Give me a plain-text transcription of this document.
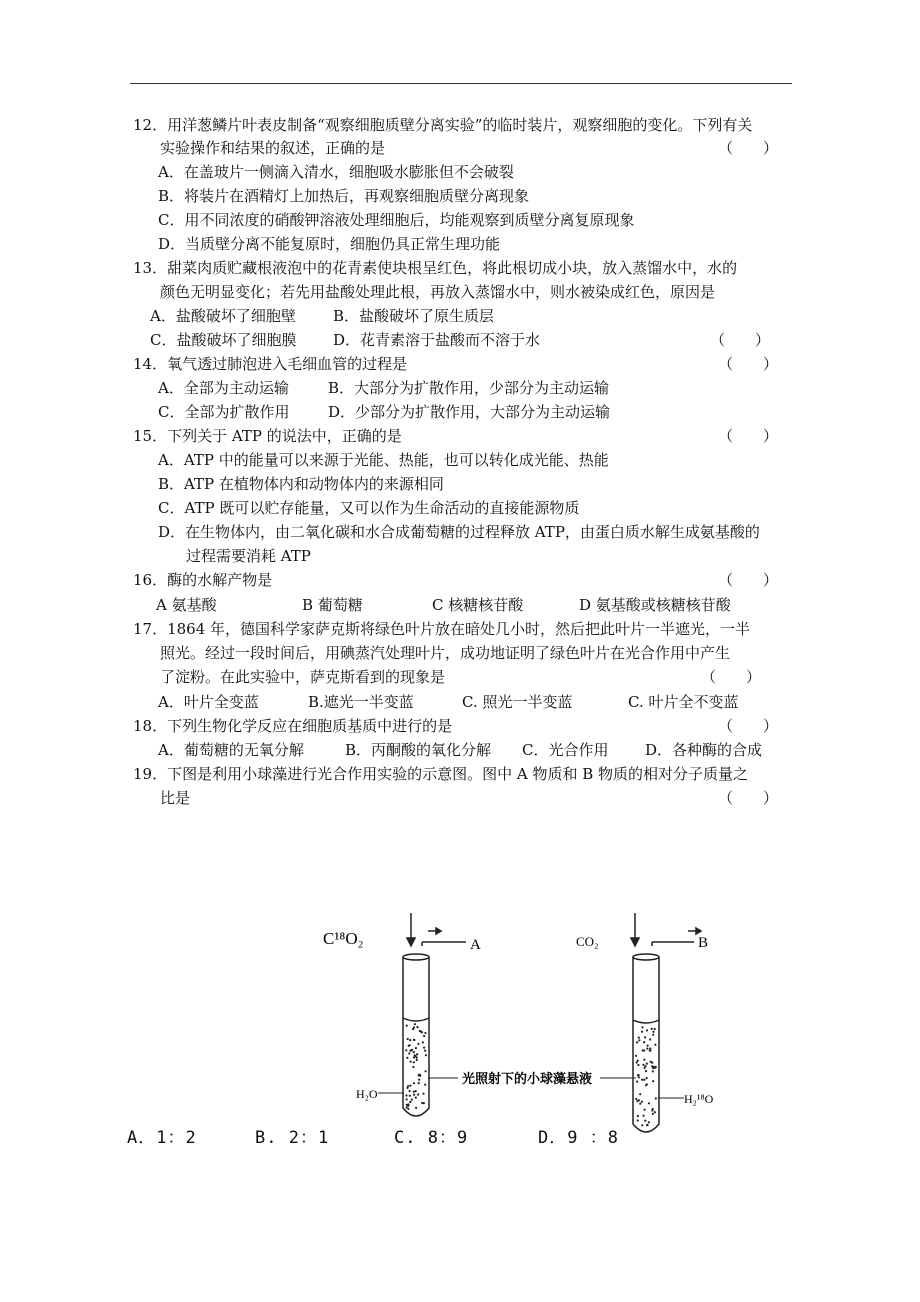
12．用洋葱鳞片叶表皮制备“观察细胞质壁分离实验”的临时装片，观察细胞的变化。下列有关
实验操作和结果的叙述，正确的是	（　　）
A．在盖玻片一侧滴入清水，细胞吸水膨胀但不会破裂
B．将装片在酒精灯上加热后，再观察细胞质壁分离现象
C．用不同浓度的硝酸钾溶液处理细胞后，均能观察到质壁分离复原现象
D．当质壁分离不能复原时，细胞仍具正常生理功能
13．甜菜肉质贮藏根液泡中的花青素使块根呈红色，将此根切成小块，放入蒸馏水中，水的
颜色无明显变化；若先用盐酸处理此根，再放入蒸馏水中，则水被染成红色，原因是
A．盐酸破坏了细胞壁 B．盐酸破坏了原生质层
C．盐酸破坏了细胞膜 D．花青素溶于盐酸而不溶于水	（　　）
14．氧气透过肺泡进入毛细血管的过程是	（　　）
A．全部为主动运输	B．大部分为扩散作用，少部分为主动运输
C．全部为扩散作用	D．少部分为扩散作用，大部分为主动运输
15．下列关于 ATP 的说法中，正确的是	（　　）
A．ATP 中的能量可以来源于光能、热能，也可以转化成光能、热能
B．ATP 在植物体内和动物体内的来源相同
C．ATP 既可以贮存能量，又可以作为生命活动的直接能源物质
D．在生物体内，由二氧化碳和水合成葡萄糖的过程释放 ATP，由蛋白质水解生成氨基酸的
过程需要消耗 ATP
16．酶的水解产物是	（　　）
A 氨基酸	B 葡萄糖	C 核糖核苷酸	D 氨基酸或核糖核苷酸
17．1864 年，德国科学家萨克斯将绿色叶片放在暗处几小时，然后把此叶片一半遮光，一半
照光。经过一段时间后，用碘蒸汽处理叶片，成功地证明了绿色叶片在光合作用中产生
了淀粉。在此实验中，萨克斯看到的现象是	（　　）
A．叶片全变蓝	B.遮光一半变蓝	C. 照光一半变蓝	C. 叶片全不变蓝
18．下列生物化学反应在细胞质基质中进行的是	（　　）
A．葡萄糖的无氧分解	B．丙酮酸的氧化分解 C．光合作用 D．各种酶的合成
19．下图是利用小球藻进行光合作用实验的示意图。图中 A 物质和 B 物质的相对分子质量之
比是	（　　）
C¹⁸O₂	A
H₂O
CO₂	B
H₂¹⁸O
光照射下的小球藻悬液
A．1：2	B. 2：1	C. 8：9	D．9 ：8
